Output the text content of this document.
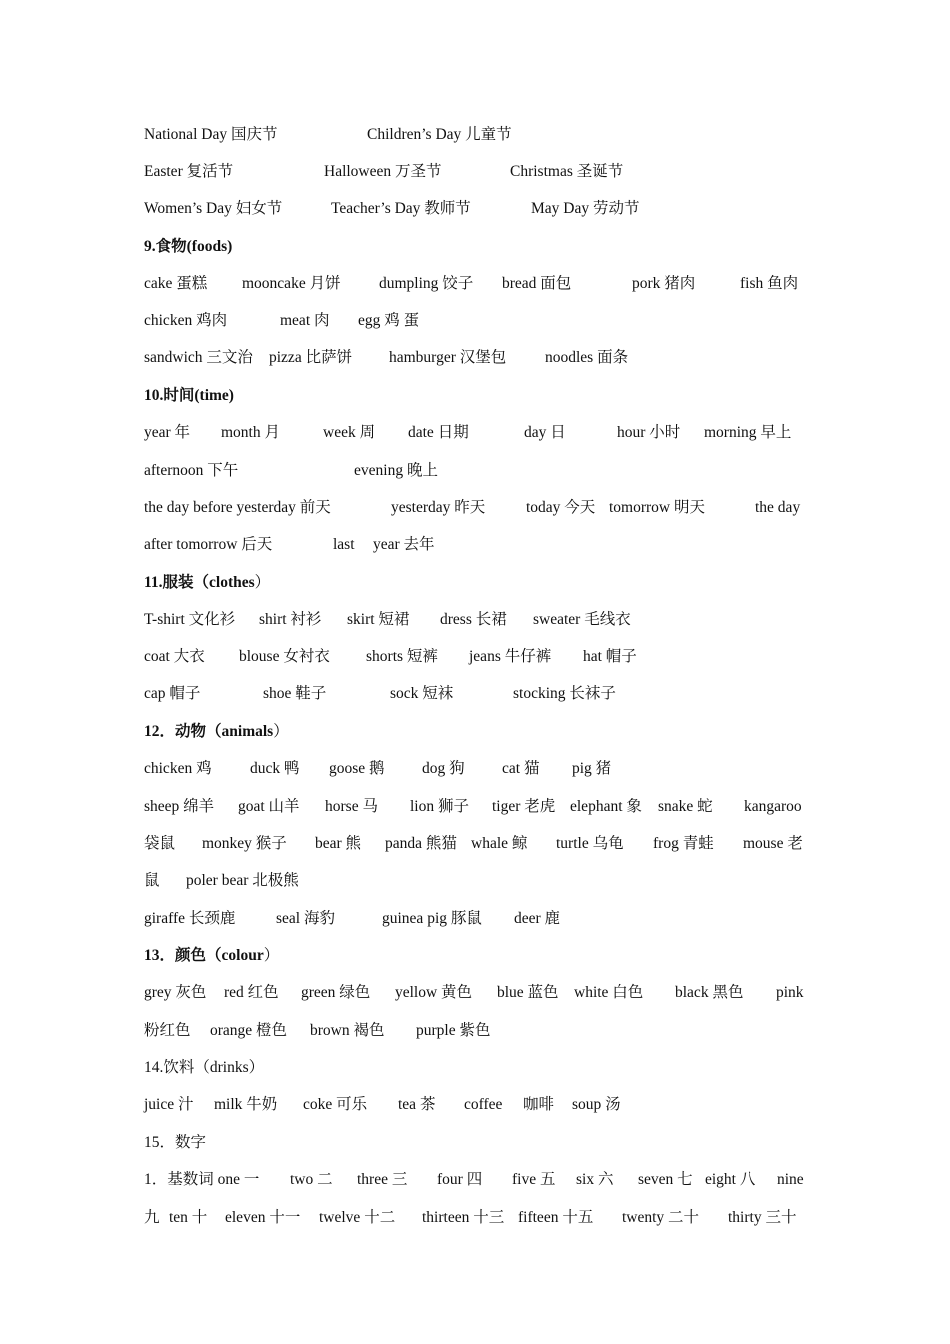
National Day 国庆节	Children’s Day 儿童节
Easter 复活节	Halloween 万圣节	Christmas 圣诞节
Women’s Day 妇女节	Teacher’s Day 教师节	May Day 劳动节
9.食物(foods)
cake 蛋糕 mooncake 月饼 dumpling 饺子 bread 面包	pork 猪肉	fish 鱼肉
chicken 鸡肉	meat 肉 egg 鸡 蛋
sandwich 三文治 pizza 比萨饼 hamburger 汉堡包	noodles 面条
10.时间(time)
year 年 month 月	week 周 date 日期	day 日	hour 小时 morning 早上
afternoon 下午	evening 晚上
the day before yesterday 前天	yesterday 昨天	today 今天 tomorrow 明天	the day
after tomorrow 后天	last year 去年
11.服装（clothes）
T-shirt 文化衫 shirt 衬衫 skirt 短裙 dress 长裙 sweater 毛线衣
coat 大衣 blouse 女衬衣 shorts 短裤 jeans 牛仔裤 hat 帽子
cap 帽子	shoe 鞋子	sock 短袜	stocking 长袜子
12．动物（animals）
chicken 鸡 duck 鸭 goose 鹅 dog 狗 cat 猫 pig 猪
sheep 绵羊 goat 山羊 horse 马 lion 狮子 tiger 老虎 elephant 象 snake 蛇 kangaroo
袋鼠 monkey 猴子 bear 熊 panda 熊猫 whale 鲸 turtle 乌龟 frog 青蛙 mouse 老
鼠 poler bear 北极熊
giraffe 长颈鹿	seal 海豹	guinea pig 豚鼠 deer 鹿
13．颜色（colour）
grey 灰色 red 红色 green 绿色 yellow 黄色 blue 蓝色 white 白色 black 黑色 pink
粉红色 orange 橙色 brown 褐色 purple 紫色
14.饮料（drinks）
juice 汁 milk 牛奶 coke 可乐 tea 茶 coffee 咖啡 soup 汤
15．数字
1．基数词 one 一 two 二 three 三 four 四 five 五 six 六 seven 七 eight 八 nine
九 ten 十 eleven 十一 twelve 十二 thirteen 十三 fifteen 十五 twenty 二十 thirty 三十
